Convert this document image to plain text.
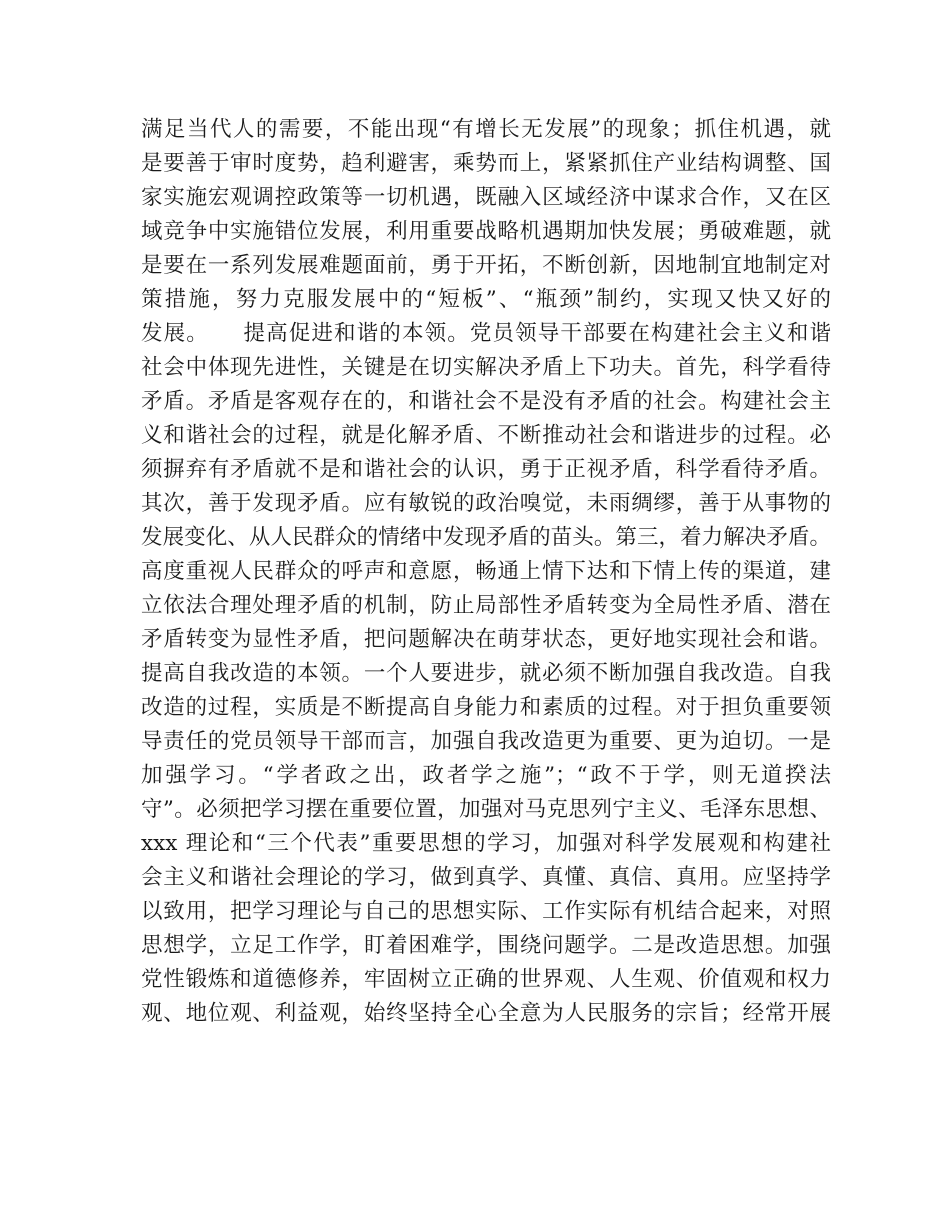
满足当代人的需要，不能出现“有增长无发展”的现象；抓住机遇，就
是要善于审时度势，趋利避害，乘势而上，紧紧抓住产业结构调整、国
家实施宏观调控政策等一切机遇，既融入区域经济中谋求合作，又在区
域竞争中实施错位发展，利用重要战略机遇期加快发展；勇破难题，就
是要在一系列发展难题面前，勇于开拓，不断创新，因地制宜地制定对
策措施，努力克服发展中的“短板”、“瓶颈”制约，实现又快又好的
发展。　　提高促进和谐的本领。党员领导干部要在构建社会主义和谐
社会中体现先进性，关键是在切实解决矛盾上下功夫。首先，科学看待
矛盾。矛盾是客观存在的，和谐社会不是没有矛盾的社会。构建社会主
义和谐社会的过程，就是化解矛盾、不断推动社会和谐进步的过程。必
须摒弃有矛盾就不是和谐社会的认识，勇于正视矛盾，科学看待矛盾。
其次，善于发现矛盾。应有敏锐的政治嗅觉，未雨绸缪，善于从事物的
发展变化、从人民群众的情绪中发现矛盾的苗头。第三，着力解决矛盾。
高度重视人民群众的呼声和意愿，畅通上情下达和下情上传的渠道，建
立依法合理处理矛盾的机制，防止局部性矛盾转变为全局性矛盾、潜在
矛盾转变为显性矛盾，把问题解决在萌芽状态，更好地实现社会和谐。
提高自我改造的本领。一个人要进步，就必须不断加强自我改造。自我
改造的过程，实质是不断提高自身能力和素质的过程。对于担负重要领
导责任的党员领导干部而言，加强自我改造更为重要、更为迫切。一是
加强学习。“学者政之出，政者学之施”；“政不于学，则无道揆法
守”。必须把学习摆在重要位置，加强对马克思列宁主义、毛泽东思想、
xxx 理论和“三个代表”重要思想的学习，加强对科学发展观和构建社
会主义和谐社会理论的学习，做到真学、真懂、真信、真用。应坚持学
以致用，把学习理论与自己的思想实际、工作实际有机结合起来，对照
思想学，立足工作学，盯着困难学，围绕问题学。二是改造思想。加强
党性锻炼和道德修养，牢固树立正确的世界观、人生观、价值观和权力
观、地位观、利益观，始终坚持全心全意为人民服务的宗旨；经常开展
